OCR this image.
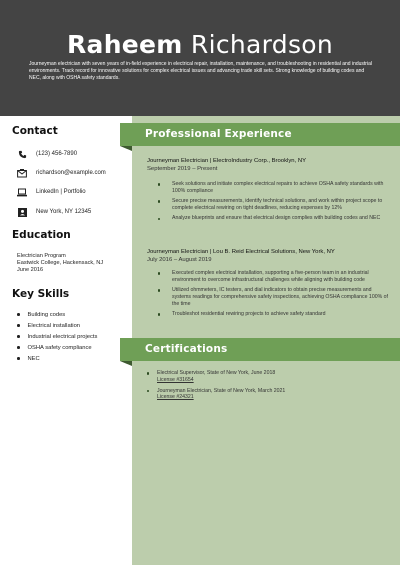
Raheem Richardson
Journeyman electrician with seven years of in-field experience in electrical repair, installation, maintenance, and troubleshooting in residential and industrial environments. Track record for innovative solutions for complex electrical issues and advancing trade skill sets. Strong knowledge of building codes and NEC, along with OSHA safety standards.
Contact
(123) 456-7890
richardson@example.com
LinkedIn | Portfolio
New York, NY 12345
Education
Electrician Program
Eastwick College, Hackensack, NJ
June 2016
Key Skills
Building codes
Electrical installation
Industrial electrical projects
OSHA safety compliance
NEC
Professional Experience
Journeyman Electrician | ElectroIndustry Corp., Brooklyn, NY
September 2019 – Present
Seek solutions and initiate complex electrical repairs to achieve OSHA safety standards with 100% compliance
Secure precise measurements, identify technical solutions, and work within project scope to complete electrical rewiring on tight deadlines, reducing expenses by 12%
Analyze blueprints and ensure that electrical design complies with building codes and NEC
Journeyman Electrician | Lou B. Reid Electrical Solutions, New York, NY
July 2016 – August 2019
Executed complex electrical installation, supporting a five-person team in an industrial environment to overcome infrastructural challenges while aligning with building code
Utilized ohmmeters, IC testers, and dial indicators to obtain precise measurements and systems readings for comprehensive safety inspections, achieving OSHA compliance 100% of the time
Troubleshot residential rewiring projects to achieve safety standard
Certifications
Electrical Supervisor, State of New York, June 2018
License #31654
Journeyman Electrician, State of New York, March 2021
License #24321
